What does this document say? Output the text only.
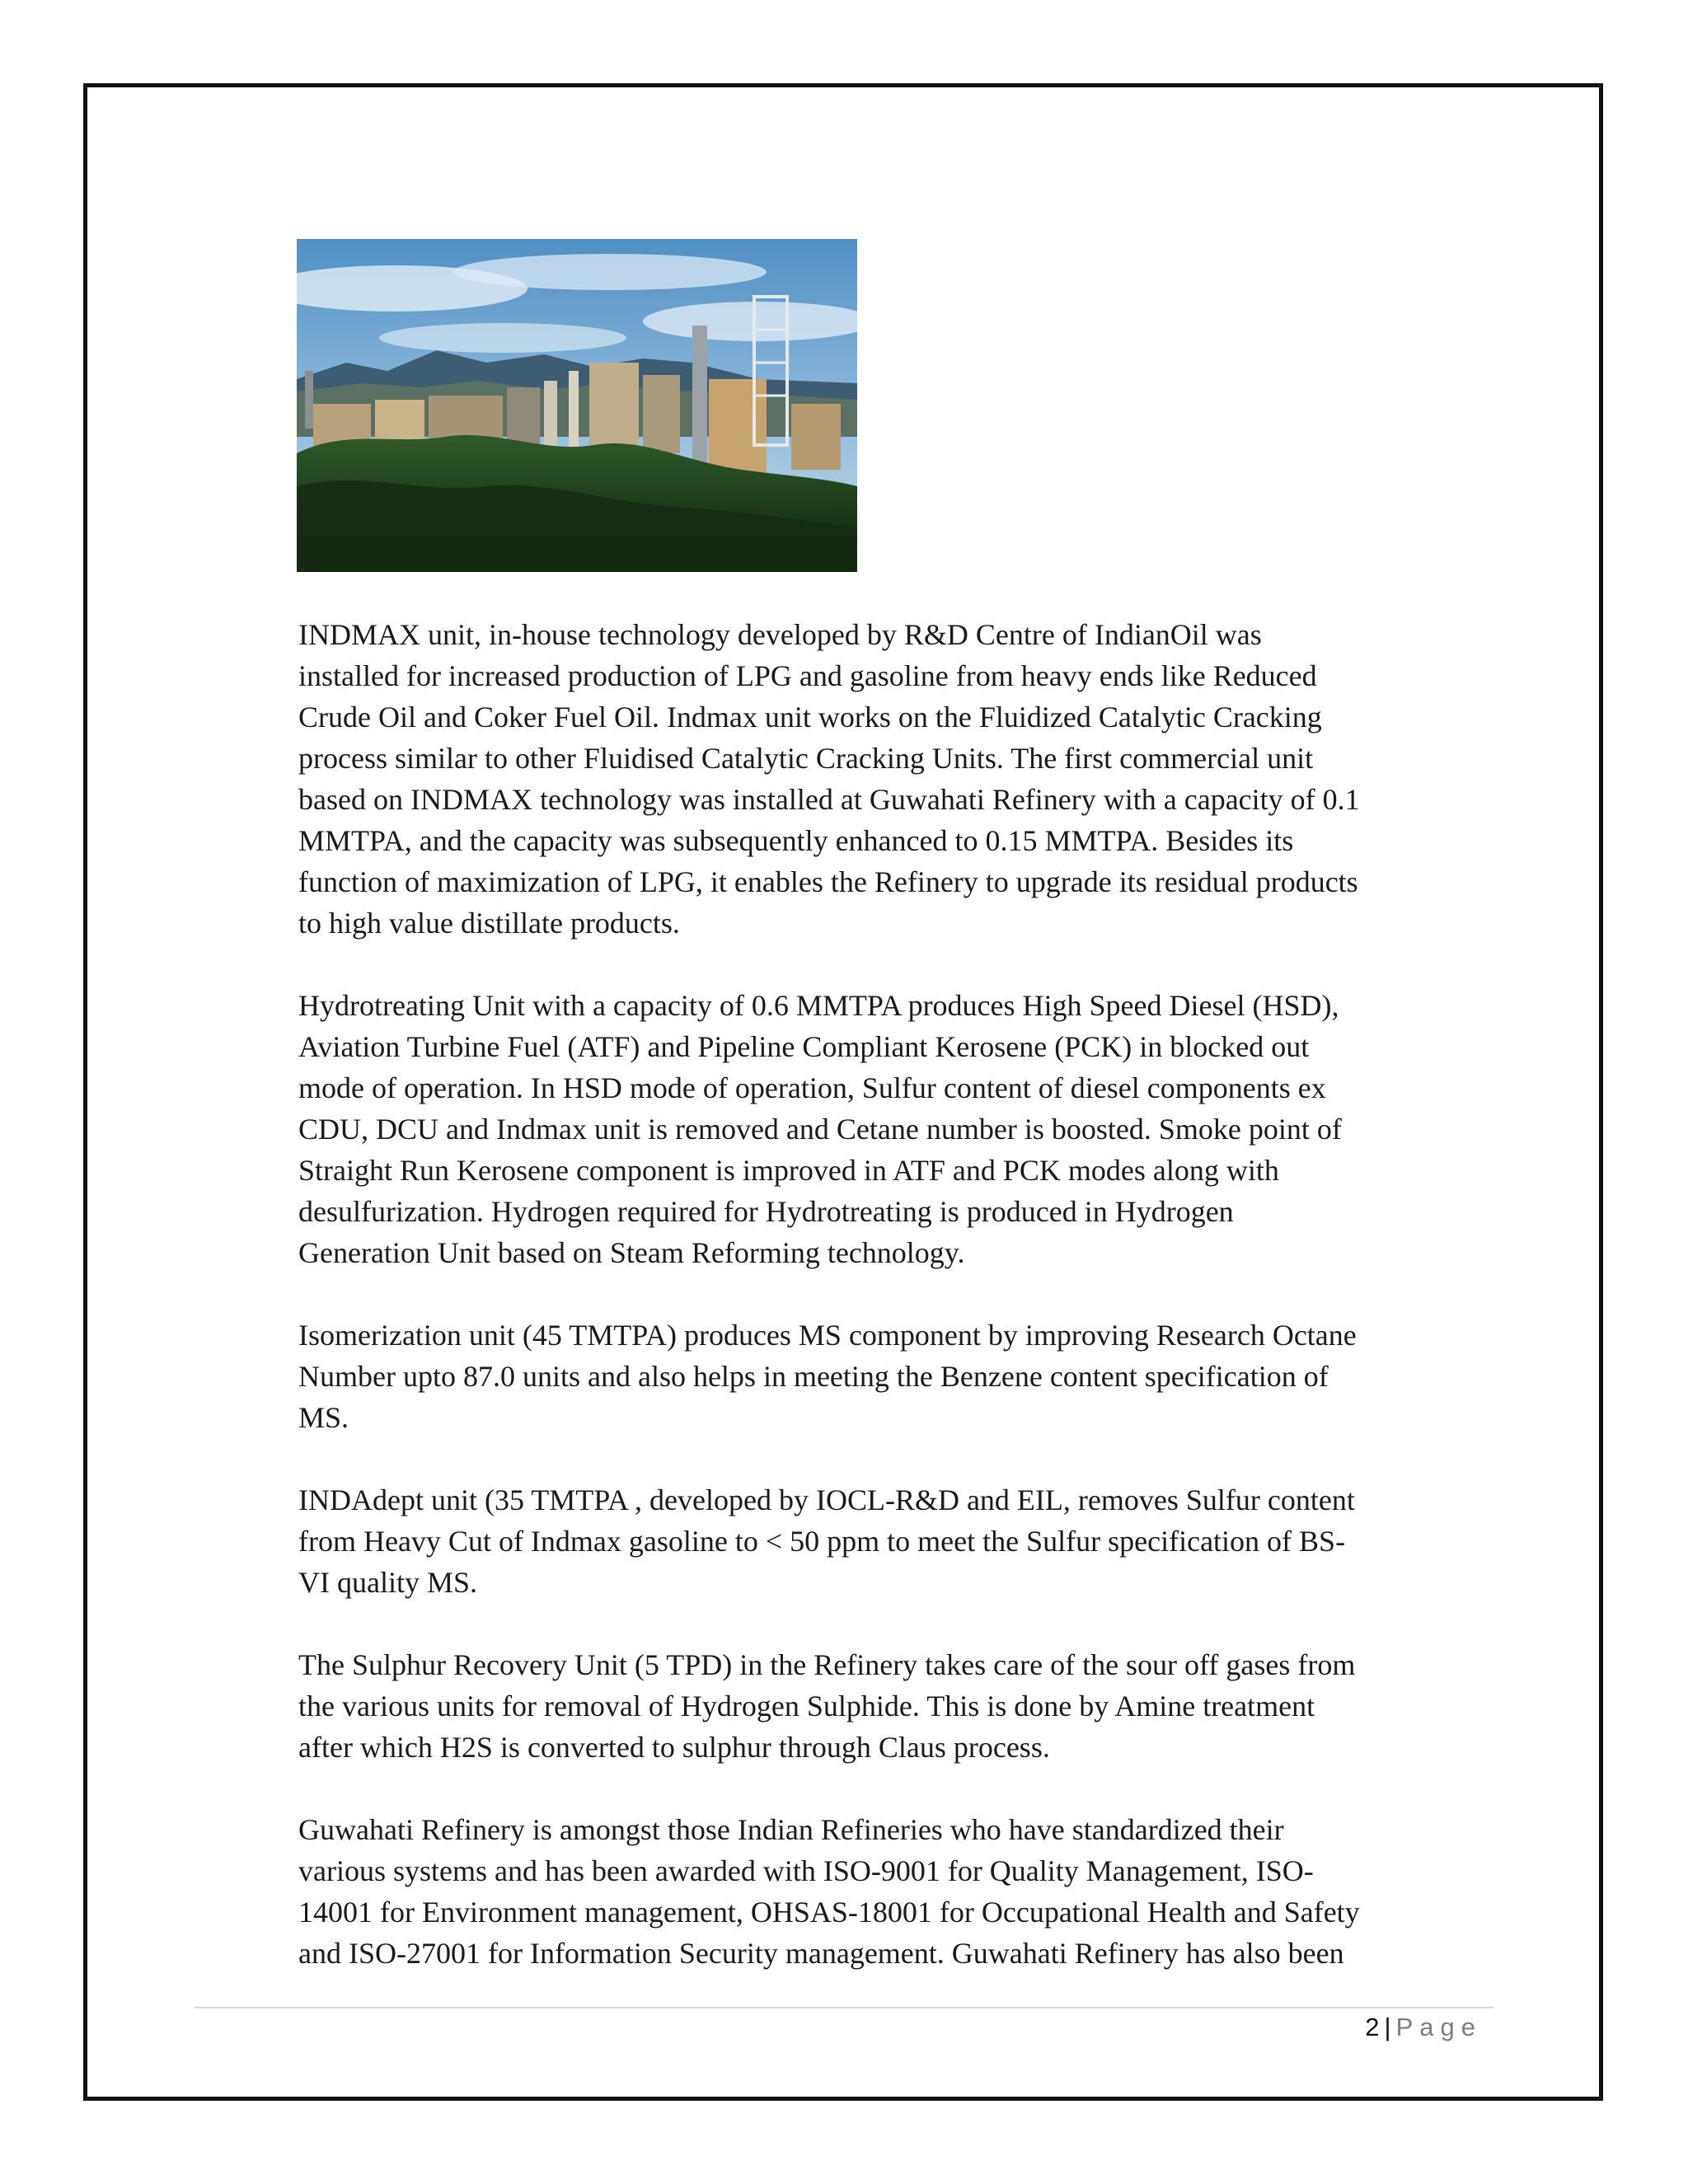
INDMAX unit, in-house technology developed by R&D Centre of IndianOil was
installed for increased production of LPG and gasoline from heavy ends like Reduced
Crude Oil and Coker Fuel Oil. Indmax unit works on the Fluidized Catalytic Cracking
process similar to other Fluidised Catalytic Cracking Units. The first commercial unit
based on INDMAX technology was installed at Guwahati Refinery with a capacity of 0.1
MMTPA, and the capacity was subsequently enhanced to 0.15 MMTPA. Besides its
function of maximization of LPG, it enables the Refinery to upgrade its residual products
to high value distillate products.

Hydrotreating Unit with a capacity of 0.6 MMTPA produces High Speed Diesel (HSD),
Aviation Turbine Fuel (ATF) and Pipeline Compliant Kerosene (PCK) in blocked out
mode of operation. In HSD mode of operation, Sulfur content of diesel components ex
CDU, DCU and Indmax unit is removed and Cetane number is boosted. Smoke point of
Straight Run Kerosene component is improved in ATF and PCK modes along with
desulfurization. Hydrogen required for Hydrotreating is produced in Hydrogen
Generation Unit based on Steam Reforming technology.

Isomerization unit (45 TMTPA) produces MS component by improving Research Octane
Number upto 87.0 units and also helps in meeting the Benzene content specification of
MS.

INDAdept unit (35 TMTPA , developed by IOCL-R&D and EIL, removes Sulfur content
from Heavy Cut of Indmax gasoline to < 50 ppm to meet the Sulfur specification of BS-
VI quality MS.

The Sulphur Recovery Unit (5 TPD) in the Refinery takes care of the sour off gases from
the various units for removal of Hydrogen Sulphide. This is done by Amine treatment
after which H2S is converted to sulphur through Claus process.

Guwahati Refinery is amongst those Indian Refineries who have standardized their
various systems and has been awarded with ISO-9001 for Quality Management, ISO-
14001 for Environment management, OHSAS-18001 for Occupational Health and Safety
and ISO-27001 for Information Security management. Guwahati Refinery has also been

2 | Page
